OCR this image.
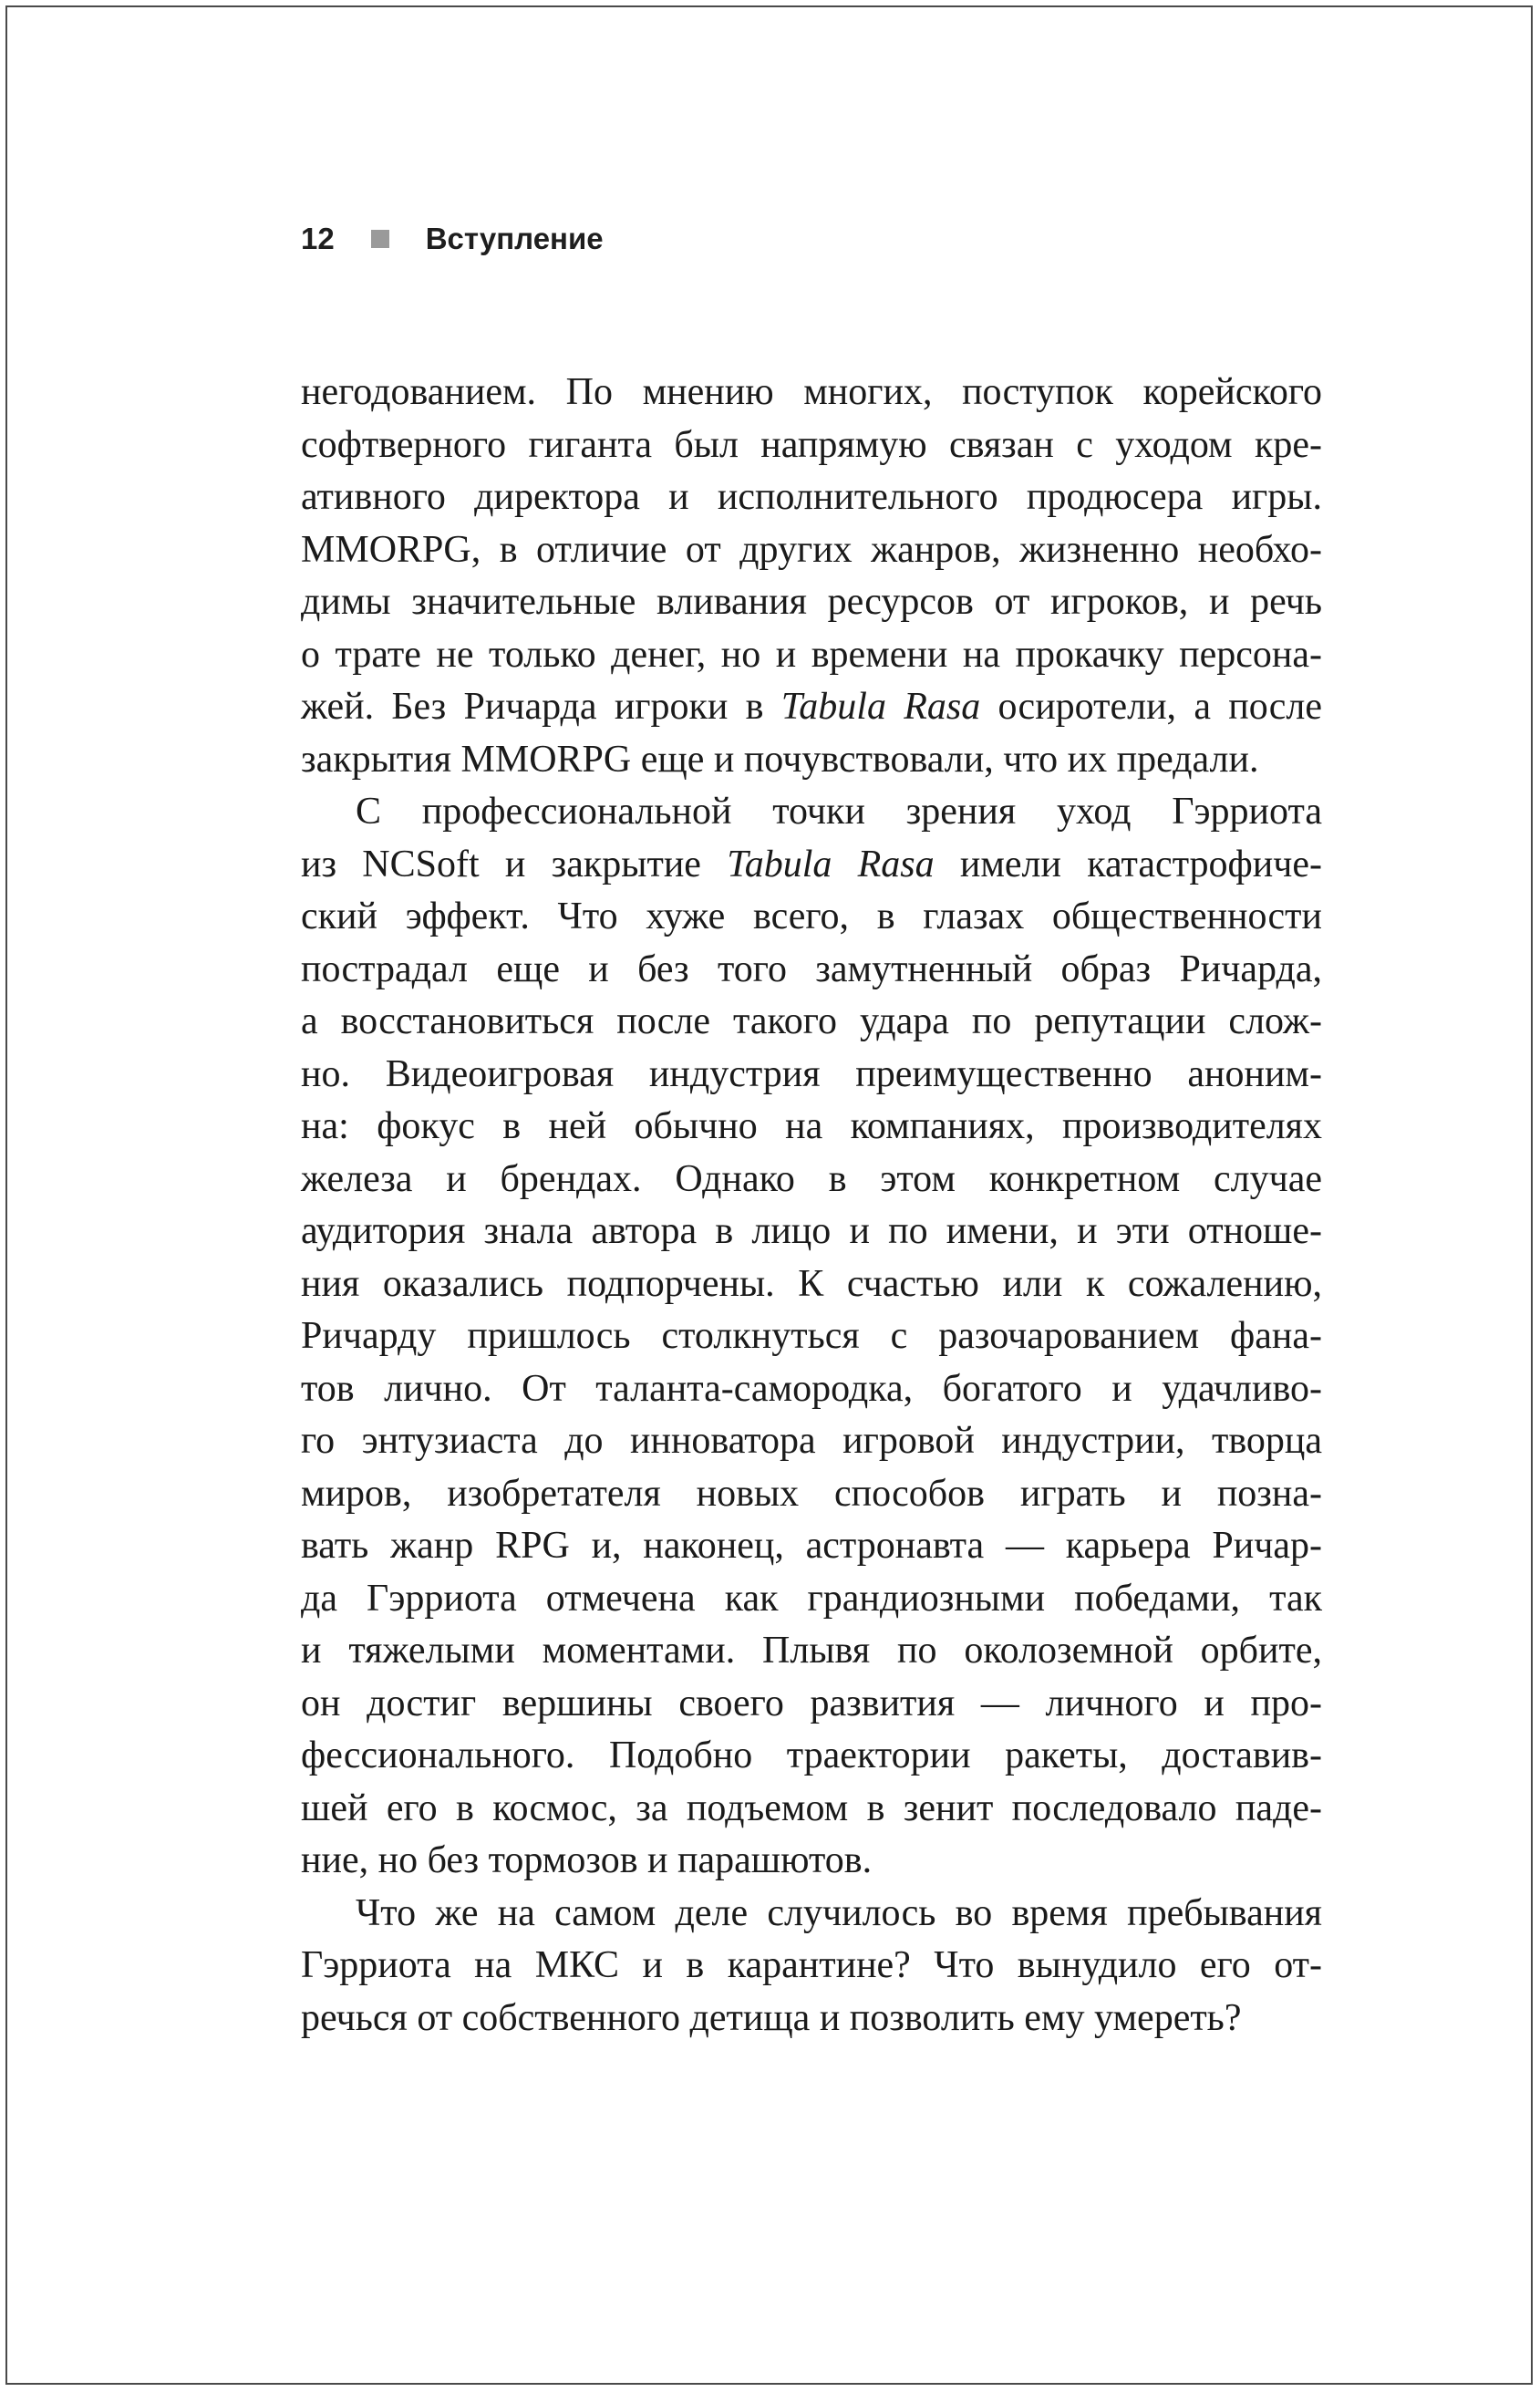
12	Вступление
негодованием. По мнению многих, поступок корейского
софтверного гиганта был напрямую связан с уходом кре-
ативного директора и исполнительного продюсера игры.
MMORPG, в отличие от других жанров, жизненно необхо-
димы значительные вливания ресурсов от игроков, и речь
о трате не только денег, но и времени на прокачку персона-
жей. Без Ричарда игроки в Tabula Rasa осиротели, а после
закрытия MMORPG еще и почувствовали, что их предали.
С профессиональной точки зрения уход Гэрриота
из NCSoft и закрытие Tabula Rasa имели катастрофиче-
ский эффект. Что хуже всего, в глазах общественности
пострадал еще и без того замутненный образ Ричарда,
а восстановиться после такого удара по репутации слож-
но. Видеоигровая индустрия преимущественно аноним-
на: фокус в ней обычно на компаниях, производителях
железа и брендах. Однако в этом конкретном случае
аудитория знала автора в лицо и по имени, и эти отноше-
ния оказались подпорчены. К счастью или к сожалению,
Ричарду пришлось столкнуться с разочарованием фана-
тов лично. От таланта-самородка, богатого и удачливо-
го энтузиаста до инноватора игровой индустрии, творца
миров, изобретателя новых способов играть и позна-
вать жанр RPG и, наконец, астронавта — карьера Ричар-
да Гэрриота отмечена как грандиозными победами, так
и тяжелыми моментами. Плывя по околоземной орбите,
он достиг вершины своего развития — личного и про-
фессионального. Подобно траектории ракеты, доставив-
шей его в космос, за подъемом в зенит последовало паде-
ние, но без тормозов и парашютов.
Что же на самом деле случилось во время пребывания
Гэрриота на МКС и в карантине? Что вынудило его от-
речься от собственного детища и позволить ему умереть?
